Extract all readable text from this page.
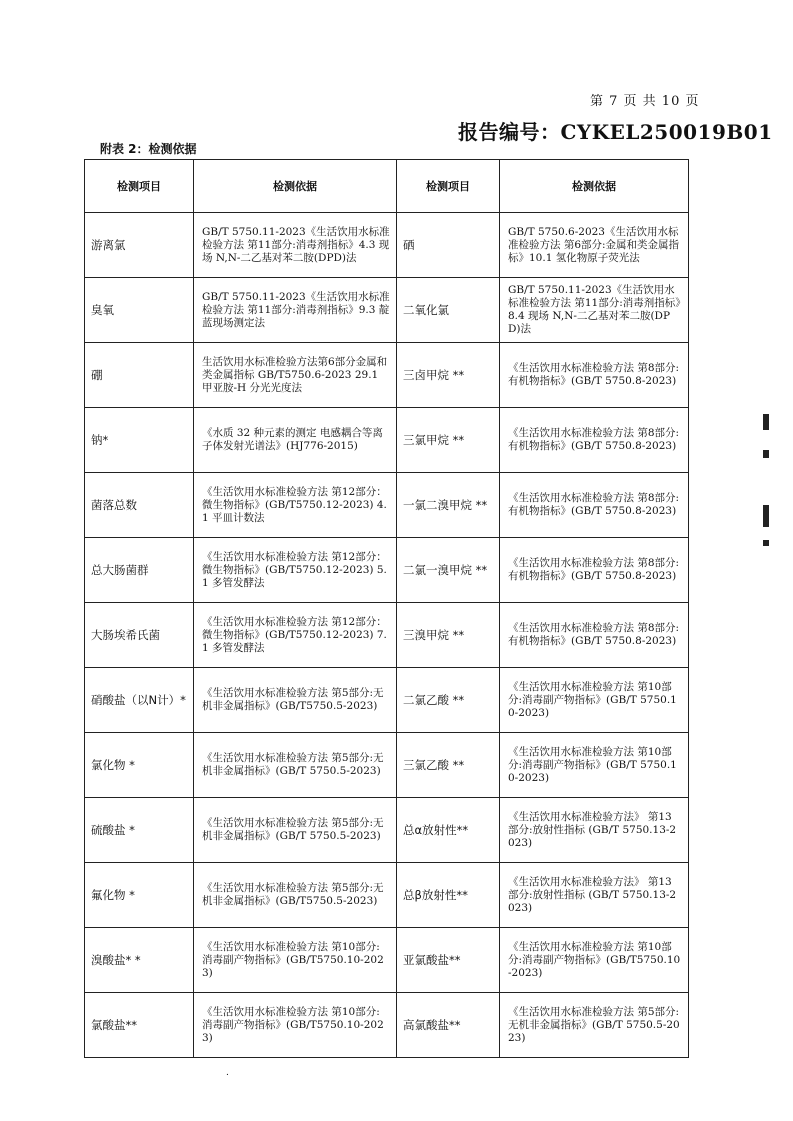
第 7 页 共 10 页
报告编号：CYKEL250019B01
附表 2：检测依据
检测项目	检测依据	检测项目	检测依据
游离氯	GB/T 5750.11-2023《生活饮用水标准检验方法 第11部分:消毒剂指标》4.3 现场 N,N-二乙基对苯二胺(DPD)法	硒	GB/T 5750.6-2023《生活饮用水标准检验方法 第6部分:金属和类金属指标》10.1 氢化物原子荧光法
臭氧	GB/T 5750.11-2023《生活饮用水标准检验方法 第11部分:消毒剂指标》9.3 靛蓝现场测定法	二氧化氯	GB/T 5750.11-2023《生活饮用水标准检验方法 第11部分:消毒剂指标》8.4 现场 N,N-二乙基对苯二胺(DPD)法
硼	生活饮用水标准检验方法第6部分金属和类金属指标 GB/T5750.6-2023 29.1 甲亚胺-H 分光光度法	三卤甲烷 **	《生活饮用水标准检验方法 第8部分:有机物指标》(GB/T 5750.8-2023)
钠*	《水质 32 种元素的测定 电感耦合等离子体发射光谱法》(HJ776-2015)	三氯甲烷 **	《生活饮用水标准检验方法 第8部分:有机物指标》(GB/T 5750.8-2023)
菌落总数	《生活饮用水标准检验方法 第12部分：微生物指标》(GB/T5750.12-2023) 4.1 平皿计数法	一氯二溴甲烷 **	《生活饮用水标准检验方法 第8部分:有机物指标》(GB/T 5750.8-2023)
总大肠菌群	《生活饮用水标准检验方法 第12部分：微生物指标》(GB/T5750.12-2023) 5.1 多管发酵法	二氯一溴甲烷 **	《生活饮用水标准检验方法 第8部分:有机物指标》(GB/T 5750.8-2023)
大肠埃希氏菌	《生活饮用水标准检验方法 第12部分：微生物指标》(GB/T5750.12-2023) 7.1 多管发酵法	三溴甲烷 **	《生活饮用水标准检验方法 第8部分:有机物指标》(GB/T 5750.8-2023)
硝酸盐（以N计）*	《生活饮用水标准检验方法 第5部分:无机非金属指标》(GB/T5750.5-2023)	二氯乙酸 **	《生活饮用水标准检验方法 第10部分:消毒副产物指标》(GB/T 5750.10-2023)
氯化物 *	《生活饮用水标准检验方法 第5部分:无机非金属指标》(GB/T 5750.5-2023)	三氯乙酸 **	《生活饮用水标准检验方法 第10部分:消毒副产物指标》(GB/T 5750.10-2023)
硫酸盐 *	《生活饮用水标准检验方法 第5部分:无机非金属指标》(GB/T 5750.5-2023)	总α放射性**	《生活饮用水标准检验方法》 第13部分:放射性指标 (GB/T 5750.13-2023)
氟化物 *	《生活饮用水标准检验方法 第5部分:无机非金属指标》(GB/T5750.5-2023)	总β放射性**	《生活饮用水标准检验方法》 第13部分:放射性指标 (GB/T 5750.13-2023)
溴酸盐* *	《生活饮用水标准检验方法 第10部分:消毒副产物指标》(GB/T5750.10-2023)	亚氯酸盐**	《生活饮用水标准检验方法 第10部分:消毒副产物指标》(GB/T5750.10-2023)
氯酸盐**	《生活饮用水标准检验方法 第10部分:消毒副产物指标》(GB/T5750.10-2023)	高氯酸盐**	《生活饮用水标准检验方法 第5部分:无机非金属指标》(GB/T 5750.5-2023)
.
